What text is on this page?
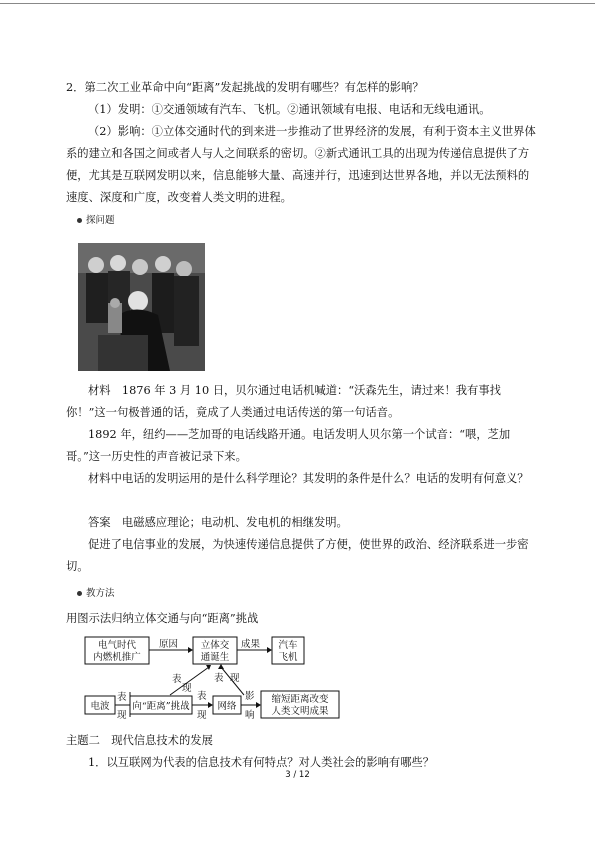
2．第二次工业革命中向“距离”发起挑战的发明有哪些？有怎样的影响？

（1）发明：①交通领域有汽车、飞机。②通讯领域有电报、电话和无线电通讯。

（2）影响：①立体交通时代的到来进一步推动了世界经济的发展，有利于资本主义世界体系的建立和各国之间或者人与人之间联系的密切。②新式通讯工具的出现为传递信息提供了方便，尤其是互联网发明以来，信息能够大量、高速并行，迅速到达世界各地，并以无法预料的速度、深度和广度，改变着人类文明的进程。

探问题

材料　1876 年 3 月 10 日，贝尔通过电话机喊道：“沃森先生，请过来！我有事找你！”这一句极普通的话，竟成了人类通过电话传送的第一句话音。

1892 年，纽约——芝加哥的电话线路开通。电话发明人贝尔第一个试音：“喂，芝加哥。”这一历史性的声音被记录下来。

材料中电话的发明运用的是什么科学理论？其发明的条件是什么？电话的发明有何意义？

答案　电磁感应理论；电动机、发电机的相继发明。

促进了电信事业的发展，为快速传递信息提供了方便，使世界的政治、经济联系进一步密切。

教方法

用图示法归纳立体交通与向“距离”挑战

电气时代
内燃机推广
原因 立体交
通诞生
成果 汽车
飞机
表
现
表 现
电波
表
现
向“距离”挑战
表
现
网络
影
响
缩短距离改变
人类文明成果

主题二　现代信息技术的发展

1．以互联网为代表的信息技术有何特点？对人类社会的影响有哪些？

3 / 12
